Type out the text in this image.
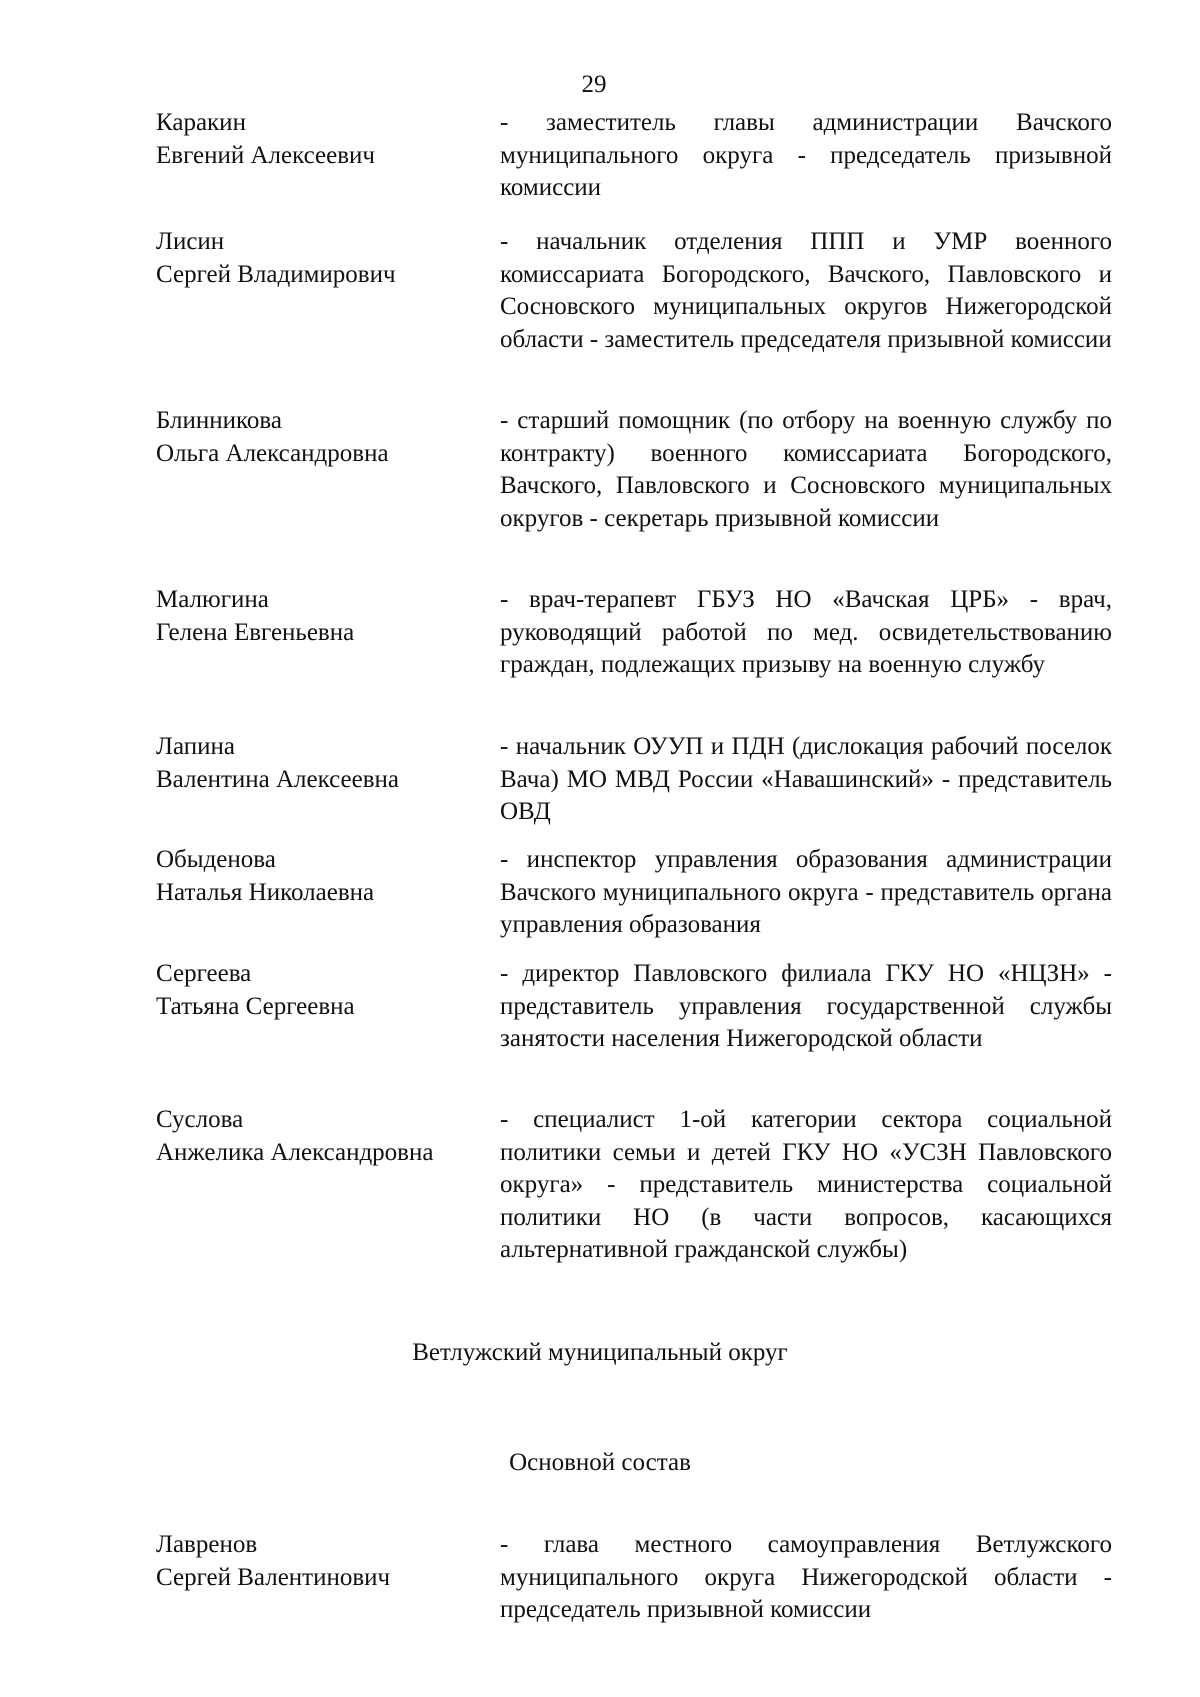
29
Каракин
Евгений Алексеевич
- заместитель главы администрации Вачского муниципального округа - председатель призывной комиссии
Лисин
Сергей Владимирович
- начальник отделения ППП и УМР военного комиссариата Богородского, Вачского, Павловского и Сосновского муниципальных округов Нижегородской области - заместитель председателя призывной комиссии
Блинникова
Ольга Александровна
- старший помощник (по отбору на военную службу по контракту) военного комиссариата Богородского, Вачского, Павловского и Сосновского муниципальных округов - секретарь призывной комиссии
Малюгина
Гелена Евгеньевна
- врач-терапевт ГБУЗ НО «Вачская ЦРБ» - врач, руководящий работой по мед. освидетельствованию граждан, подлежащих призыву на военную службу
Лапина
Валентина Алексеевна
- начальник ОУУП и ПДН (дислокация рабочий поселок Вача) МО МВД России «Навашинский» - представитель ОВД
Обыденова
Наталья Николаевна
- инспектор управления образования администрации Вачского муниципального округа - представитель органа управления образования
Сергеева
Татьяна Сергеевна
- директор Павловского филиала ГКУ НО «НЦЗН» - представитель управления государственной службы занятости населения Нижегородской области
Суслова
Анжелика Александровна
- специалист 1-ой категории сектора социальной политики семьи и детей ГКУ НО «УСЗН Павловского округа» - представитель министерства социальной политики НО (в части вопросов, касающихся альтернативной гражданской службы)
Ветлужский муниципальный округ
Основной состав
Лавренов
Сергей Валентинович
- глава местного самоуправления Ветлужского муниципального округа Нижегородской области - председатель призывной комиссии
